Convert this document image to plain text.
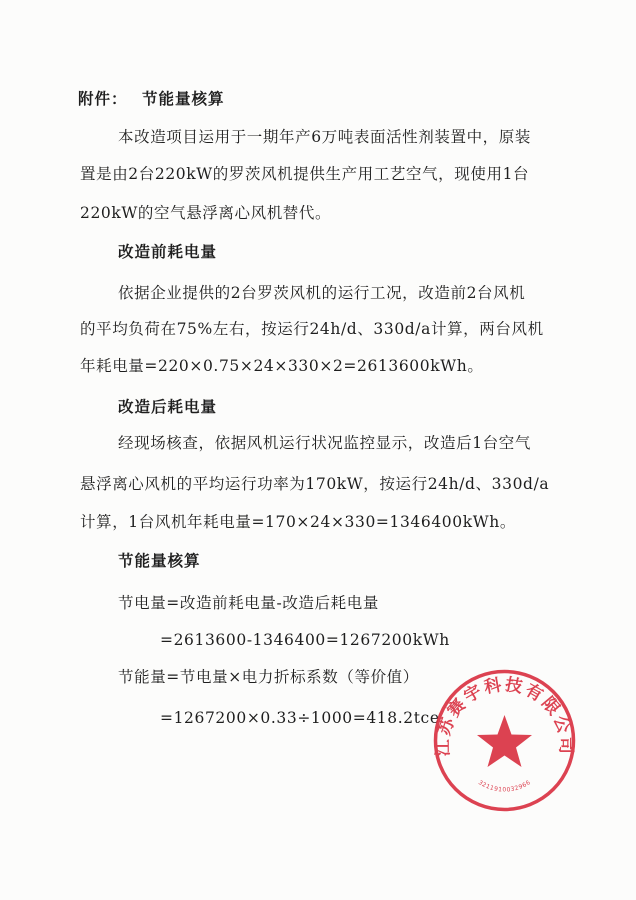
附件： 节能量核算
本改造项目运用于一期年产6万吨表面活性剂装置中，原装
置是由2台220kW的罗茨风机提供生产用工艺空气，现使用1台
220kW的空气悬浮离心风机替代。
改造前耗电量
依据企业提供的2台罗茨风机的运行工况，改造前2台风机
的平均负荷在75%左右，按运行24h/d、330d/a计算，两台风机
年耗电量=220×0.75×24×330×2=2613600kWh。
改造后耗电量
经现场核查，依据风机运行状况监控显示，改造后1台空气
悬浮离心风机的平均运行功率为170kW，按运行24h/d、330d/a
计算，1台风机年耗电量=170×24×330=1346400kWh。
节能量核算
节电量=改造前耗电量-改造后耗电量
=2613600-1346400=1267200kWh
节能量=节电量×电力折标系数（等价值）
=1267200×0.33÷1000=418.2tce
江苏赛宇科技有限公司
3211910032966
